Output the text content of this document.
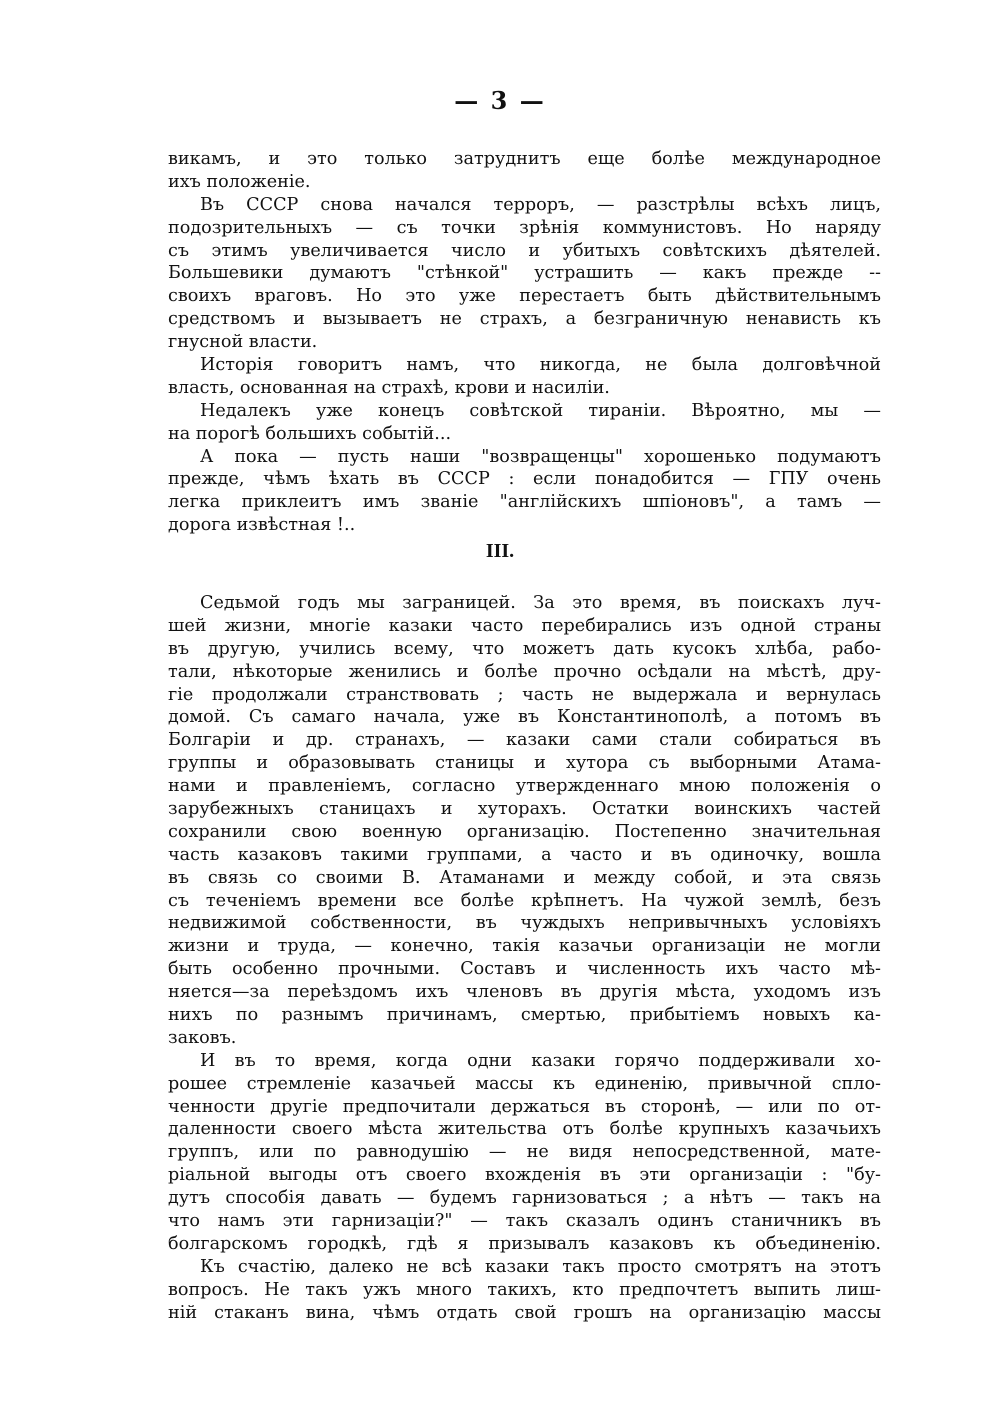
— 3 —
викамъ, и это только затруднитъ еще болѣе международное
ихъ положеніе.
Въ СССР снова начался терроръ, — разстрѣлы всѣхъ лицъ,
подозрительныхъ — съ точки зрѣнія коммунистовъ. Но наряду
съ этимъ увеличивается число и убитыхъ совѣтскихъ дѣятелей.
Большевики думаютъ "стѣнкой" устрашить — какъ прежде --
своихъ враговъ. Но это уже перестаетъ быть дѣйствительнымъ
средствомъ и вызываетъ не страхъ, а безграничную ненависть къ
гнусной власти.
Исторія говоритъ намъ, что никогда, не была долговѣчной
власть, основанная на страхѣ, крови и насиліи.
Недалекъ уже конецъ совѣтской тираніи. Вѣроятно, мы —
на порогѣ большихъ событій...
А пока — пусть наши "возвращенцы" хорошенько подумаютъ
прежде, чѣмъ ѣхать въ СССР : если понадобится — ГПУ очень
легка приклеитъ имъ званіе "англійскихъ шпіоновъ", а тамъ —
дорога извѣстная !..
III.
Седьмой годъ мы заграницей. За это время, въ поискахъ луч-
шей жизни, многіе казаки часто перебирались изъ одной страны
въ другую, учились всему, что можетъ дать кусокъ хлѣба, рабо-
тали, нѣкоторые женились и болѣе прочно осѣдали на мѣстѣ, дру-
гіе продолжали странствовать ; часть не выдержала и вернулась
домой. Съ самаго начала, уже въ Константинополѣ, а потомъ въ
Болгаріи и др. странахъ, — казаки сами стали собираться въ
группы и образовывать станицы и хутора съ выборными Атама-
нами и правленіемъ, согласно утвержденнаго мною положенія о
зарубежныхъ станицахъ и хуторахъ. Остатки воинскихъ частей
сохранили свою военную организацію. Постепенно значительная
часть казаковъ такими группами, а часто и въ одиночку, вошла
въ связь со своими В. Атаманами и между собой, и эта связь
съ теченіемъ времени все болѣе крѣпнетъ. На чужой землѣ, безъ
недвижимой собственности, въ чуждыхъ непривычныхъ условіяхъ
жизни и труда, — конечно, такія казачьи организаціи не могли
быть особенно прочными. Составъ и численность ихъ часто мѣ-
няется—за переѣздомъ ихъ членовъ въ другія мѣста, уходомъ изъ
нихъ по разнымъ причинамъ, смертью, прибытіемъ новыхъ ка-
заковъ.
И въ то время, когда одни казаки горячо поддерживали хо-
рошее стремленіе казачьей массы къ единенію, привычной спло-
ченности другіе предпочитали держаться въ сторонѣ, — или по от-
даленности своего мѣста жительства отъ болѣе крупныхъ казачьихъ
группъ, или по равнодушію — не видя непосредственной, мате-
ріальной выгоды отъ своего вхожденія въ эти организаціи : "бу-
дутъ способія давать — будемъ гарнизоваться ; а нѣтъ — такъ на
что намъ эти гарнизаціи?" — такъ сказалъ одинъ станичникъ въ
болгарскомъ городкѣ, гдѣ я призывалъ казаковъ къ объединенію.
Къ счастію, далеко не всѣ казаки такъ просто смотрятъ на этотъ
вопросъ. Не такъ ужъ много такихъ, кто предпочтетъ выпить лиш-
ній стаканъ вина, чѣмъ отдать свой грошъ на организацію массы
